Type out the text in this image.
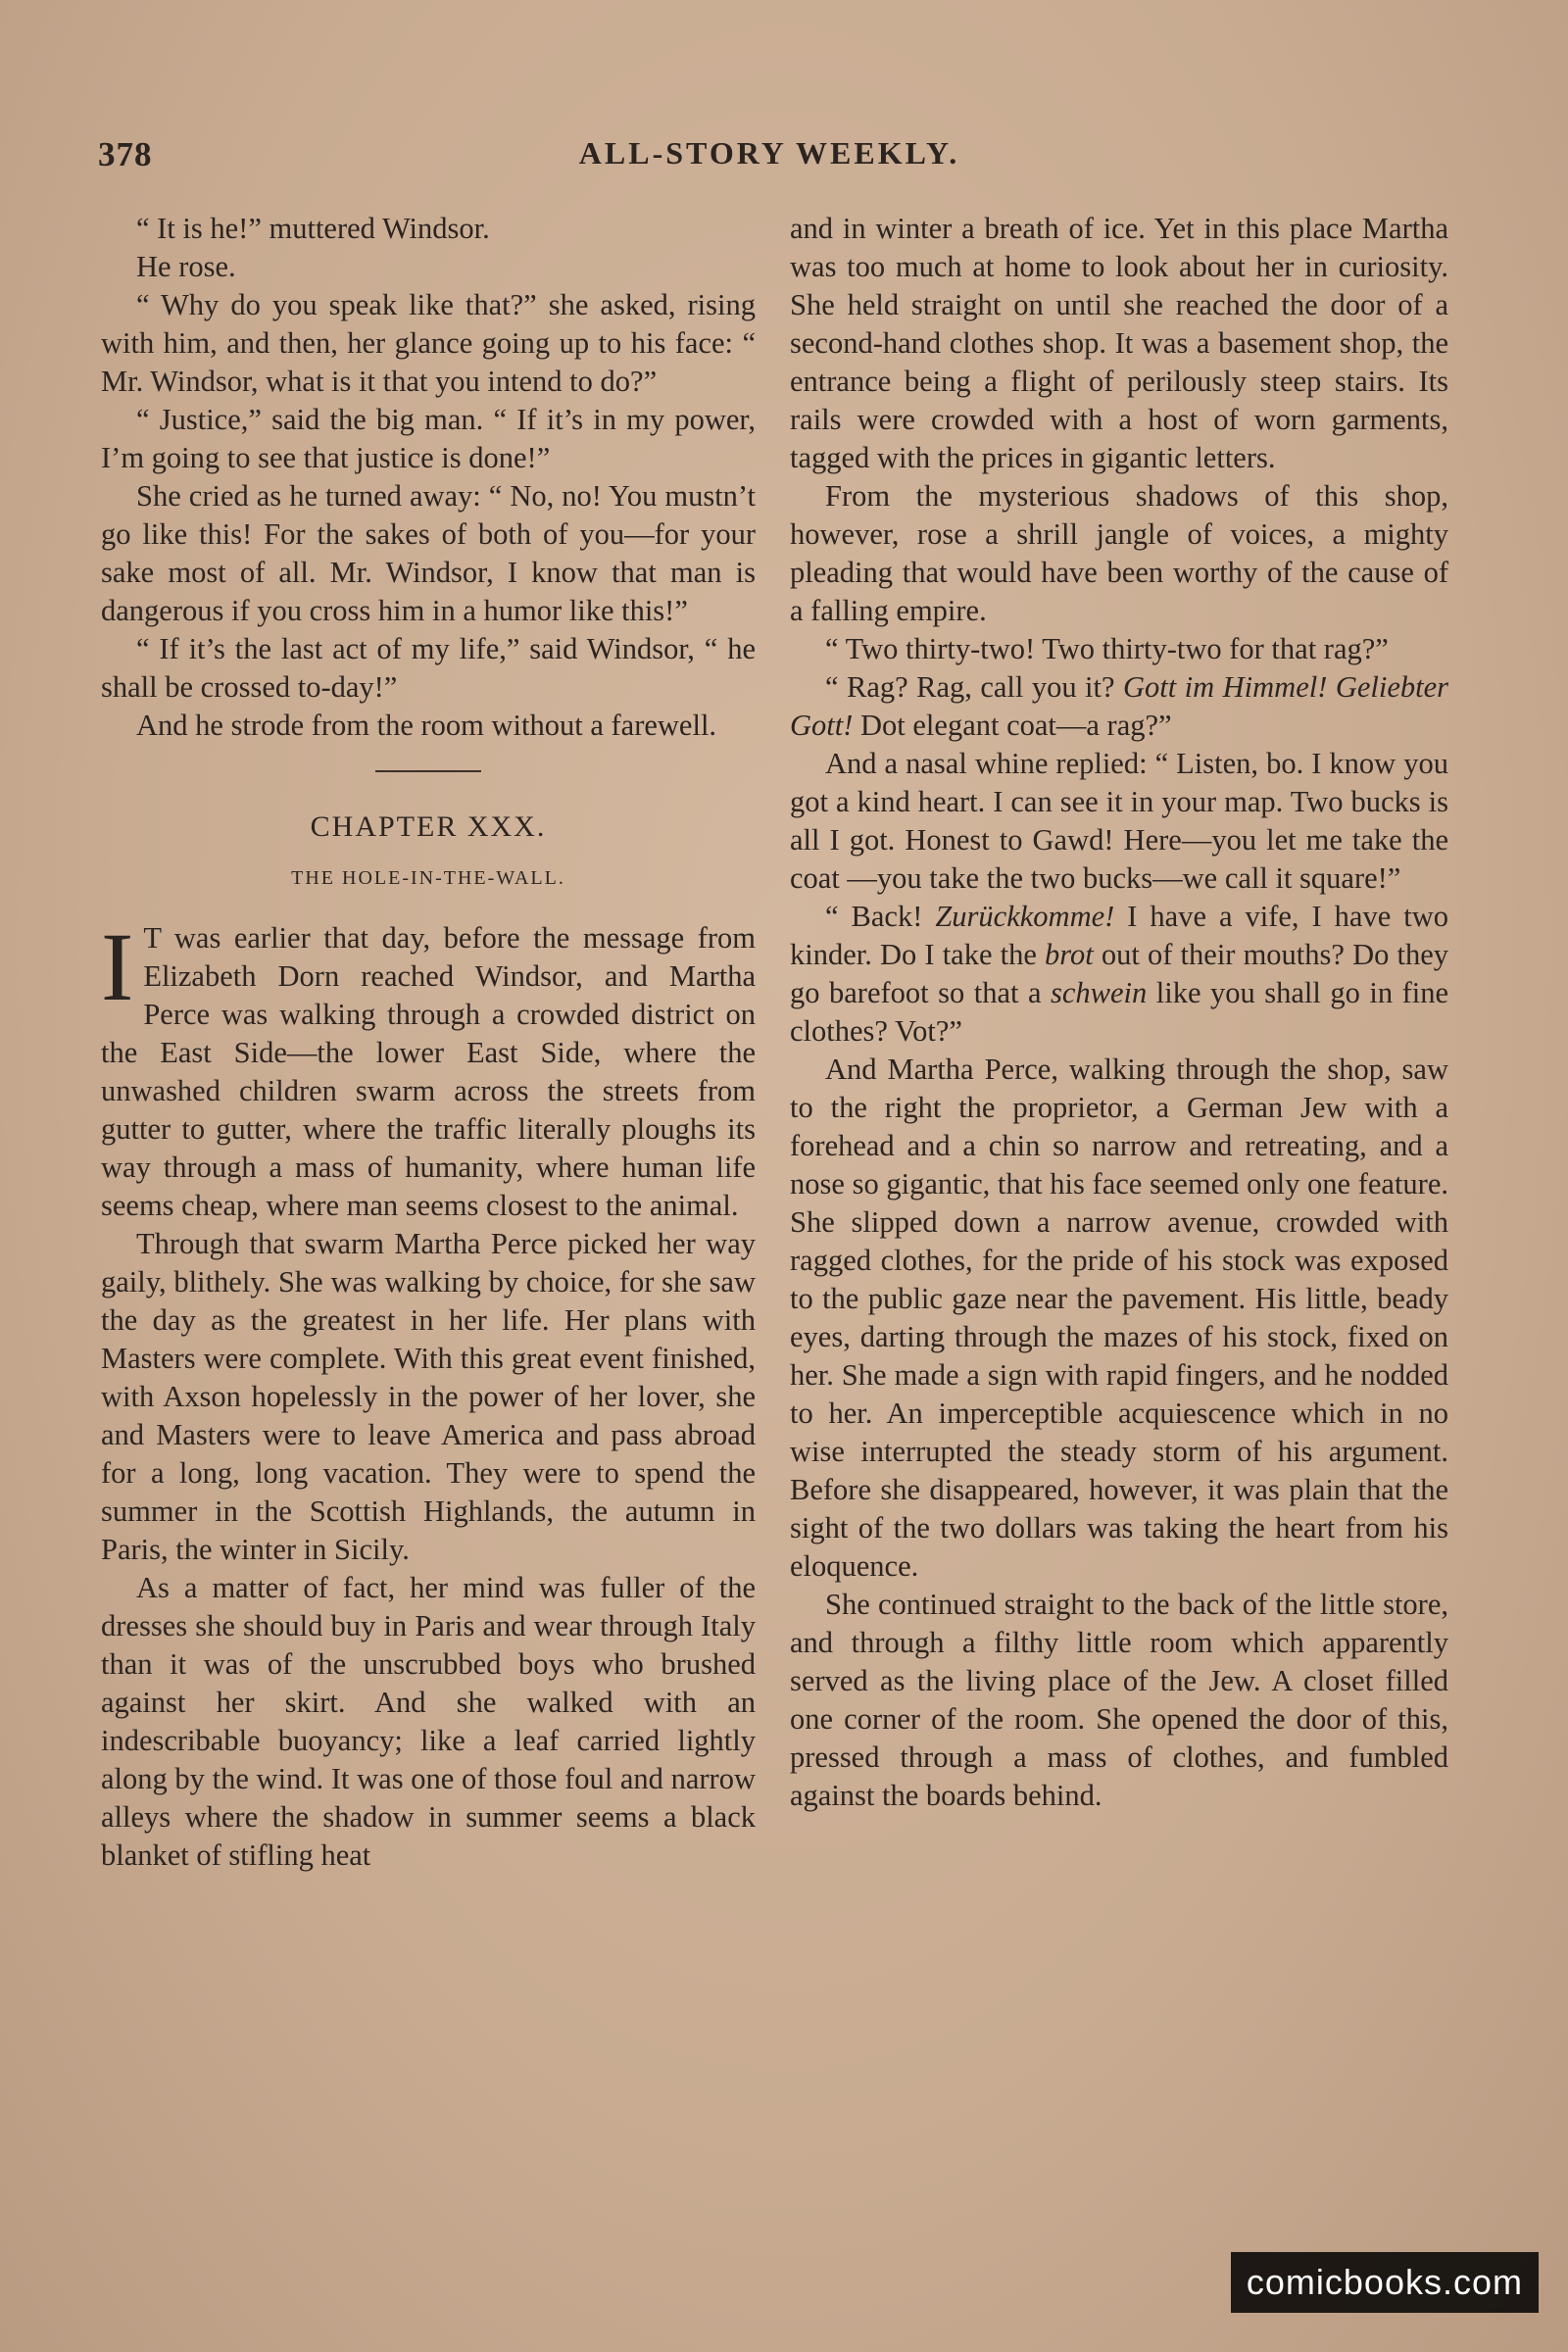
378	ALL-STORY WEEKLY.

“ It is he!” muttered Windsor.

He rose.

“ Why do you speak like that?” she asked, rising with him, and then, her glance going up to his face: “ Mr. Windsor, what is it that you intend to do?”

“ Justice,” said the big man. “ If it’s in my power, I’m going to see that justice is done!”

She cried as he turned away: “ No, no! You mustn’t go like this! For the sakes of both of you—for your sake most of all. Mr. Windsor, I know that man is dangerous if you cross him in a humor like this!”

“ If it’s the last act of my life,” said Windsor, “ he shall be crossed to-day!”

And he strode from the room without a farewell.

CHAPTER XXX.
THE HOLE-IN-THE-WALL.

I T was earlier that day, before the message from Elizabeth Dorn reached Windsor, and Martha Perce was walking through a crowded district on the East Side—the lower East Side, where the unwashed children swarm across the streets from gutter to gutter, where the traffic literally ploughs its way through a mass of humanity, where human life seems cheap, where man seems closest to the animal.

Through that swarm Martha Perce picked her way gaily, blithely. She was walking by choice, for she saw the day as the greatest in her life. Her plans with Masters were complete. With this great event finished, with Axson hopelessly in the power of her lover, she and Masters were to leave America and pass abroad for a long, long vacation. They were to spend the summer in the Scottish Highlands, the autumn in Paris, the winter in Sicily.

As a matter of fact, her mind was fuller of the dresses she should buy in Paris and wear through Italy than it was of the unscrubbed boys who brushed against her skirt. And she walked with an indescribable buoyancy; like a leaf carried lightly along by the wind. It was one of those foul and narrow alleys where the shadow in summer seems a black blanket of stifling heat

and in winter a breath of ice. Yet in this place Martha was too much at home to look about her in curiosity. She held straight on until she reached the door of a second-hand clothes shop. It was a basement shop, the entrance being a flight of perilously steep stairs. Its rails were crowded with a host of worn garments, tagged with the prices in gigantic letters.

From the mysterious shadows of this shop, however, rose a shrill jangle of voices, a mighty pleading that would have been worthy of the cause of a falling empire.

“ Two thirty-two! Two thirty-two for that rag?”

“ Rag? Rag, call you it? Gott im Himmel! Geliebter Gott! Dot elegant coat—a rag?”

And a nasal whine replied: “ Listen, bo. I know you got a kind heart. I can see it in your map. Two bucks is all I got. Honest to Gawd! Here—you let me take the coat —you take the two bucks—we call it square!”

“ Back! Zurückkomme! I have a vife, I have two kinder. Do I take the brot out of their mouths? Do they go barefoot so that a schwein like you shall go in fine clothes? Vot?”

And Martha Perce, walking through the shop, saw to the right the proprietor, a German Jew with a forehead and a chin so narrow and retreating, and a nose so gigantic, that his face seemed only one feature. She slipped down a narrow avenue, crowded with ragged clothes, for the pride of his stock was exposed to the public gaze near the pavement. His little, beady eyes, darting through the mazes of his stock, fixed on her. She made a sign with rapid fingers, and he nodded to her. An imperceptible acquiescence which in no wise interrupted the steady storm of his argument. Before she disappeared, however, it was plain that the sight of the two dollars was taking the heart from his eloquence.

She continued straight to the back of the little store, and through a filthy little room which apparently served as the living place of the Jew. A closet filled one corner of the room. She opened the door of this, pressed through a mass of clothes, and fumbled against the boards behind.

comicbooks.com
